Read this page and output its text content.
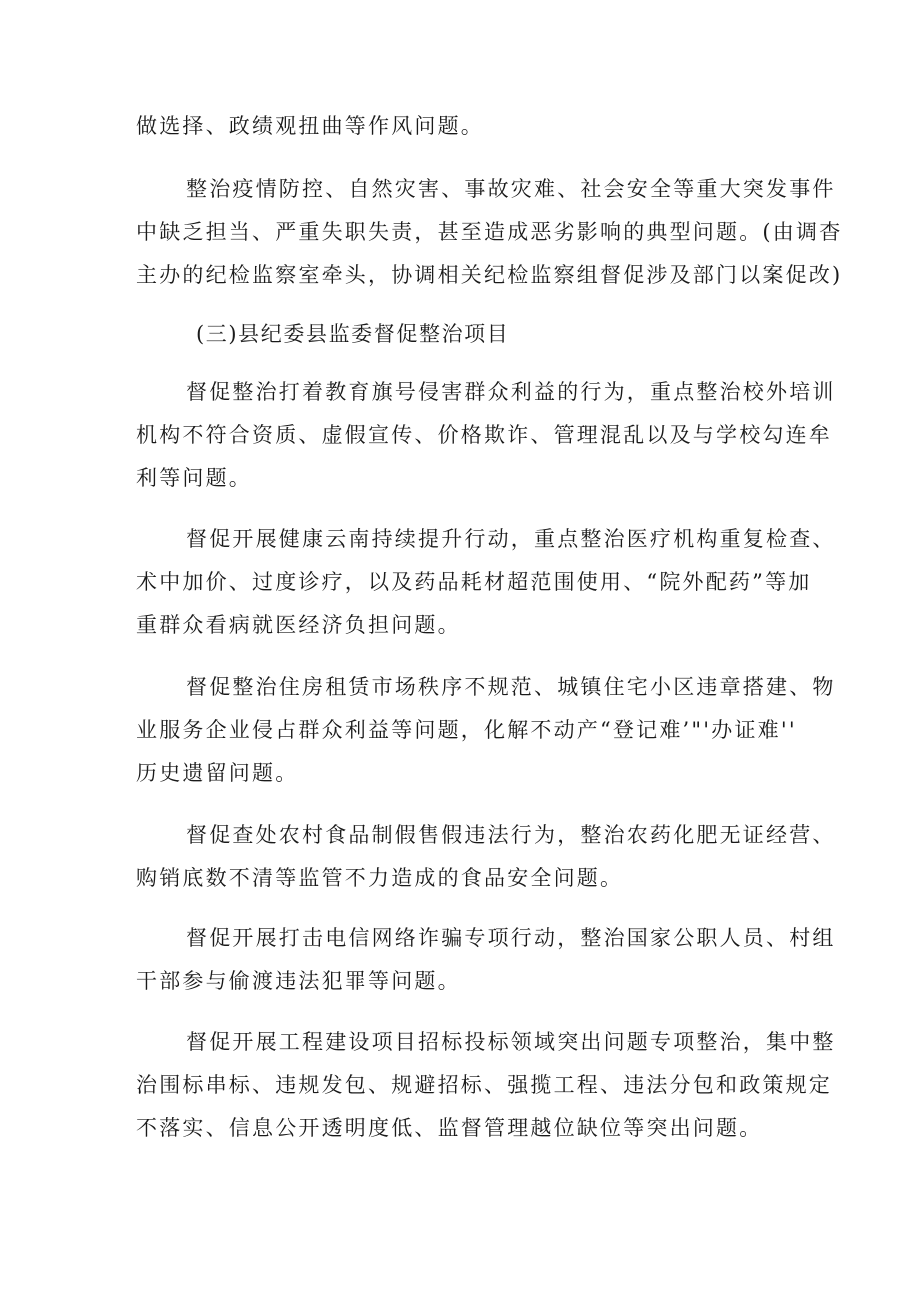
做选择、政绩观扭曲等作风问题。
整治疫情防控、自然灾害、事故灾难、社会安全等重大突发事件
中缺乏担当、严重失职失责，甚至造成恶劣影响的典型问题。(由调杳
主办的纪检监察室牵头，协调相关纪检监察组督促涉及部门以案促改)
(三)县纪委县监委督促整治项目
督促整治打着教育旗号侵害群众利益的行为，重点整治校外培训
机构不符合资质、虚假宣传、价格欺诈、管理混乱以及与学校勾连牟
利等问题。
督促开展健康云南持续提升行动，重点整治医疗机构重复检查、
术中加价、过度诊疗，以及药品耗材超范围使用、“院外配药”等加
重群众看病就医经济负担问题。
督促整治住房租赁市场秩序不规范、城镇住宅小区违章搭建、物
业服务企业侵占群众利益等问题，化解不动产“登记难’"'办证难''
历史遗留问题。
督促查处农村食品制假售假违法行为，整治农药化肥无证经营、
购销底数不清等监管不力造成的食品安全问题。
督促开展打击电信网络诈骗专项行动，整治国家公职人员、村组
干部参与偷渡违法犯罪等问题。
督促开展工程建设项目招标投标领域突出问题专项整治，集中整
治围标串标、违规发包、规避招标、强揽工程、违法分包和政策规定
不落实、信息公开透明度低、监督管理越位缺位等突出问题。
